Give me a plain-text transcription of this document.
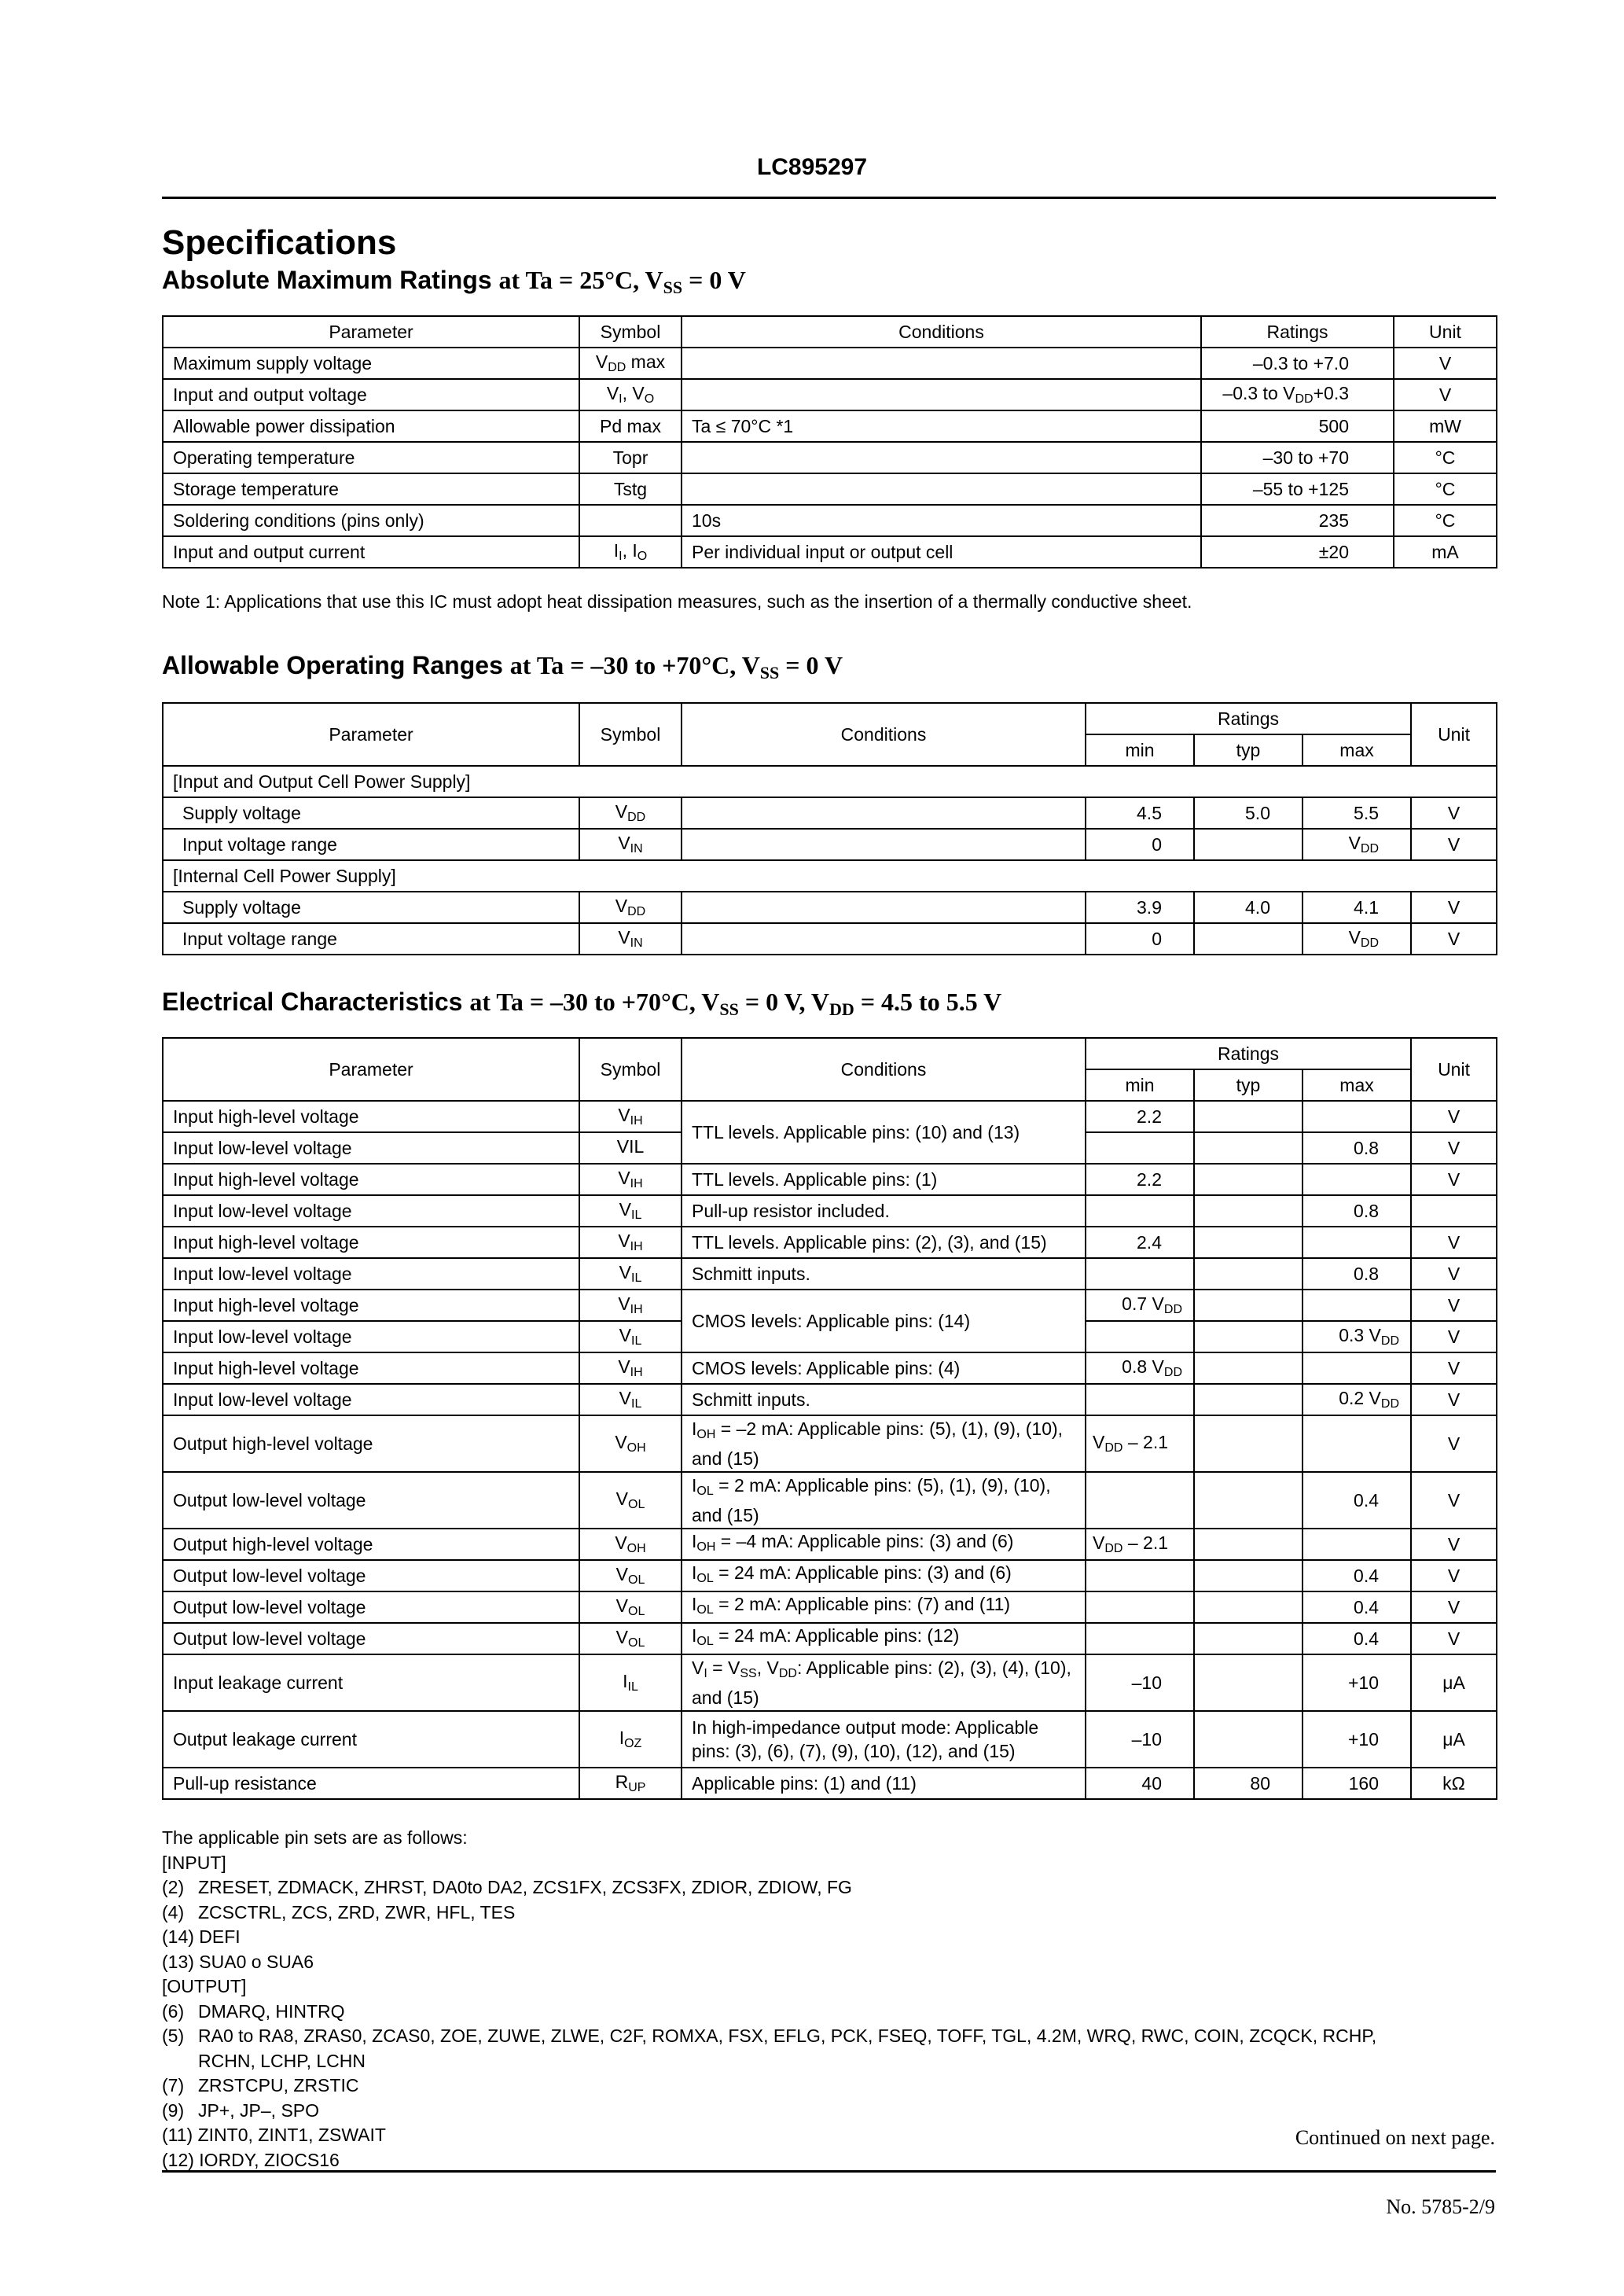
LC895297
Specifications
Absolute Maximum Ratings at Ta = 25°C, $V_{SS} = 0$ V
Parameter	Symbol	Conditions	Ratings	Unit
Maximum supply voltage	$V_{DD}$ max		–0.3 to +7.0	V
Input and output voltage	$V_I$, $V_O$		–0.3 to $V_{DD}+0.3$	V
Allowable power dissipation	Pd max	Ta ≤ 70°C *1	500	mW
Operating temperature	Topr		–30 to +70	°C
Storage temperature	Tstg		–55 to +125	°C
Soldering conditions (pins only)		10s	235	°C
Input and output current	$I_I$, $I_O$	Per individual input or output cell	±20	mA
Note 1: Applications that use this IC must adopt heat dissipation measures, such as the insertion of a thermally conductive sheet.
Allowable Operating Ranges at Ta = –30 to +70°C, $V_{SS} = 0$ V
Parameter	Symbol	Conditions	Ratings			Unit
			min	typ	max	
[Input and Output Cell Power Supply]						
Supply voltage	$V_{DD}$		4.5	5.0	5.5	V
Input voltage range	$V_{IN}$		0		$V_{DD}$	V
[Internal Cell Power Supply]						
Supply voltage	$V_{DD}$		3.9	4.0	4.1	V
Input voltage range	$V_{IN}$		0		$V_{DD}$	V
Electrical Characteristics at Ta = –30 to +70°C, $V_{SS} = 0$ V, $V_{DD} = 4.5$ to 5.5 V
Parameter	Symbol	Conditions	Ratings			Unit
			min	typ	max	
Input high-level voltage	$V_{IH}$	TTL levels. Applicable pins: (10) and (13)	2.2			V
Input low-level voltage	VIL				0.8	V
Input high-level voltage	$V_{IH}$	TTL levels. Applicable pins: (1)	2.2			V
Input low-level voltage	$V_{IL}$	Pull-up resistor included.			0.8	
Input high-level voltage	$V_{IH}$	TTL levels. Applicable pins: (2), (3), and (15)	2.4			V
Input low-level voltage	$V_{IL}$	Schmitt inputs.			0.8	V
Input high-level voltage	$V_{IH}$	CMOS levels: Applicable pins: (14)	0.7 $V_{DD}$			V
Input low-level voltage	$V_{IL}$				0.3 $V_{DD}$	V
Input high-level voltage	$V_{IH}$	CMOS levels: Applicable pins: (4)	0.8 $V_{DD}$			V
Input low-level voltage	$V_{IL}$	Schmitt inputs.			0.2 $V_{DD}$	V
Output high-level voltage	$V_{OH}$	$I_{OH} = -2$ mA: Applicable pins: (5), (1), (9), (10), and (15)	$V_{DD} - 2.1$			V
Output low-level voltage	$V_{OL}$	$I_{OL} = 2$ mA: Applicable pins: (5), (1), (9), (10), and (15)			0.4	V
Output high-level voltage	$V_{OH}$	$I_{OH} = -4$ mA: Applicable pins: (3) and (6)	$V_{DD} - 2.1$			V
Output low-level voltage	$V_{OL}$	$I_{OL} = 24$ mA: Applicable pins: (3) and (6)			0.4	V
Output low-level voltage	$V_{OL}$	$I_{OL} = 2$ mA: Applicable pins: (7) and (11)			0.4	V
Output low-level voltage	$V_{OL}$	$I_{OL} = 24$ mA: Applicable pins: (12)			0.4	V
Input leakage current	$I_{IL}$	$V_I = V_{SS}$, $V_{DD}$: Applicable pins: (2), (3), (4), (10), and (15)	–10		+10	μA
Output leakage current	$I_{OZ}$	In high-impedance output mode: Applicable pins: (3), (6), (7), (9), (10), (12), and (15)	–10		+10	μA
Pull-up resistance	$R_{UP}$	Applicable pins: (1) and (11)	40	80	160	kΩ
The applicable pin sets are as follows:
[INPUT]
(2) ZRESET, ZDMACK, ZHRST, DA0to DA2, ZCS1FX, ZCS3FX, ZDIOR, ZDIOW, FG
(4) ZCSCTRL, ZCS, ZRD, ZWR, HFL, TES
(14) DEFI
(13) SUA0 o SUA6
[OUTPUT]
(6) DMARQ, HINTRQ
(5) RA0 to RA8, ZRAS0, ZCAS0, ZOE, ZUWE, ZLWE, C2F, ROMXA, FSX, EFLG, PCK, FSEQ, TOFF, TGL, 4.2M, WRQ, RWC, COIN, ZCQCK, RCHP,
RCHN, LCHP, LCHN
(7) ZRSTCPU, ZRSTIC
(9) JP+, JP–, SPO
(11) ZINT0, ZINT1, ZSWAIT
(12) IORDY, ZIOCS16
Continued on next page.
No. 5785-2/9
